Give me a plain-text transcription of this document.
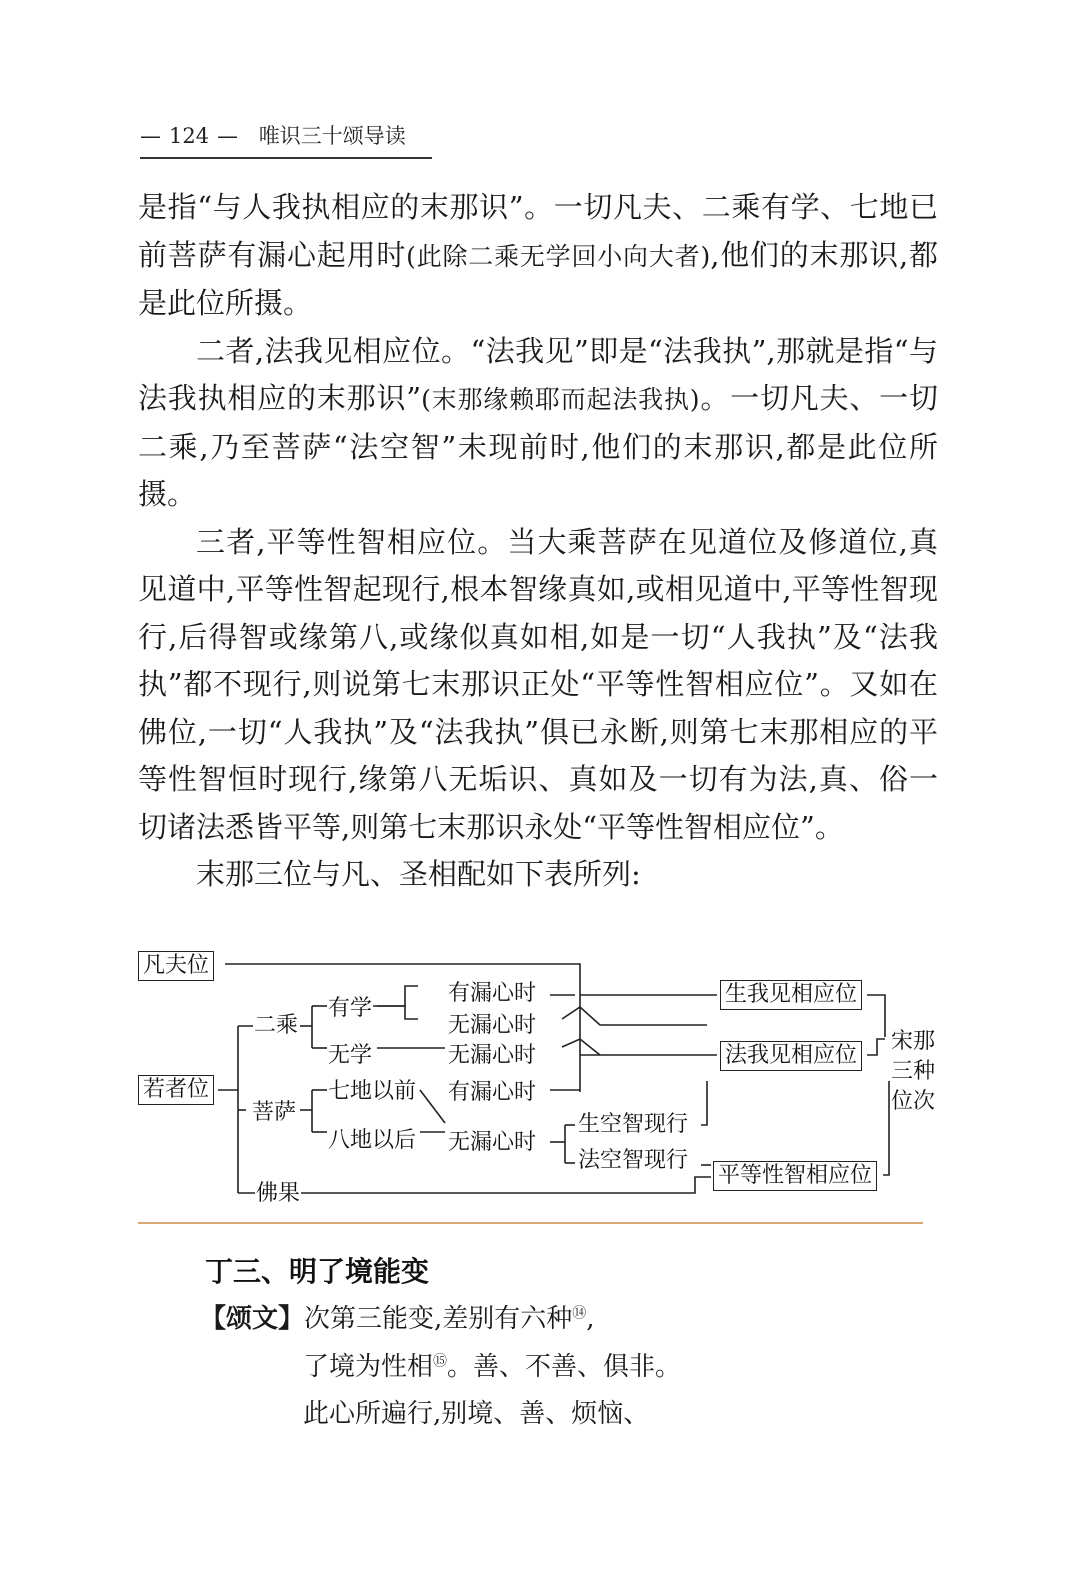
— 124 — 唯识三十颂导读

是指“与人我执相应的末那识”。一切凡夫、二乘有学、七地已前菩萨有漏心起用时(此除二乘无学回小向大者),他们的末那识,都是此位所摄。

二者,法我见相应位。“法我见”即是“法我执”,那就是指“与法我执相应的末那识”(末那缘赖耶而起法我执)。一切凡夫、一切二乘,乃至菩萨“法空智”未现前时,他们的末那识,都是此位所摄。

三者,平等性智相应位。当大乘菩萨在见道位及修道位,真见道中,平等性智起现行,根本智缘真如,或相见道中,平等性智现行,后得智或缘第八,或缘似真如相,如是一切“人我执”及“法我执”都不现行,则说第七末那识正处“平等性智相应位”。又如在佛位,一切“人我执”及“法我执”俱已永断,则第七末那相应的平等性智恒时现行,缘第八无垢识、真如及一切有为法,真、俗一切诸法悉皆平等,则第七末那识永处“平等性智相应位”。

末那三位与凡、圣相配如下表所列:

凡夫位
若者位
二乘
有学
无学
菩萨
七地以前
八地以后
佛果
有漏心时
无漏心时
无漏心时
有漏心时
无漏心时
生空智现行
法空智现行
生我见相应位
法我见相应位
平等性智相应位
宋那
三种
位次
丁三、明了境能变
【颂文】次第三能变,差别有六种⑭,
了境为性相⑮。善、不善、俱非。
此心所遍行,别境、善、烦恼、
